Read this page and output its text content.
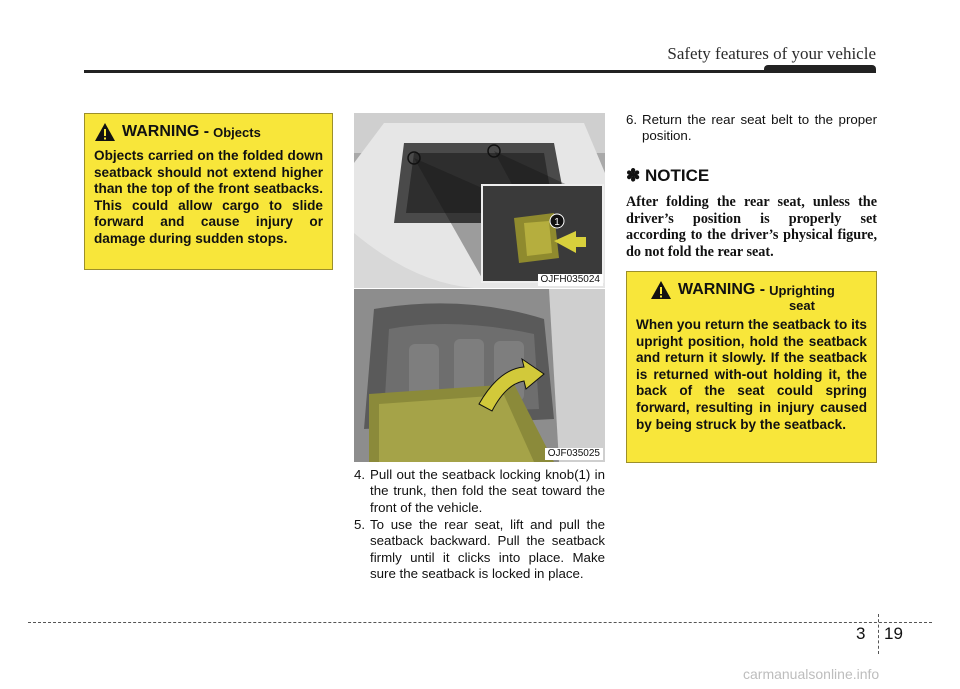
Safety features of your vehicle
WARNING - Objects
Objects carried on the folded down seatback should not extend higher than the top of the front seatbacks. This could allow cargo to slide forward and cause injury or damage during sudden stops.
1
OJFH035024
OJF035025
4. Pull out the seatback locking knob(1) in the trunk, then fold the seat toward the front of the vehicle.
5. To use the rear seat, lift and pull the seatback backward. Pull the seatback firmly until it clicks into place. Make sure the seatback is locked in place.
6. Return the rear seat belt to the proper position.
✽ NOTICE
After folding the rear seat, unless the driver’s position is properly set according to the driver’s physical figure, do not fold the rear seat.
WARNING - Uprighting
seat
When you return the seatback to its upright position, hold the seatback and return it slowly. If the seatback is returned with-out holding it, the back of the seat could spring forward, resulting in injury caused by being struck by the seatback.
3 19
carmanualsonline.info
